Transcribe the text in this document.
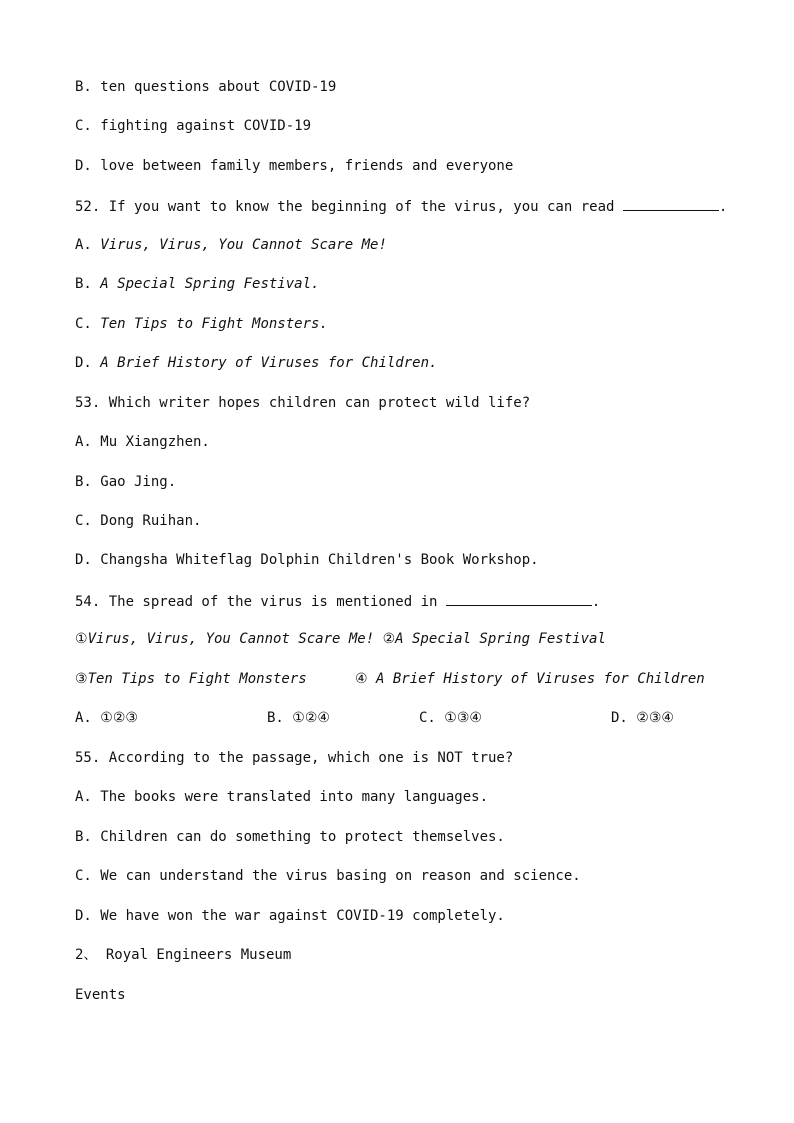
B. ten questions about COVID-19
C. fighting against COVID-19
D. love between family members, friends and everyone
52. If you want to know the beginning of the virus, you can read	.
A. Virus, Virus, You Cannot Scare Me!
B. A Special Spring Festival.
C. Ten Tips to Fight Monsters.
D. A Brief History of Viruses for Children.
53. Which writer hopes children can protect wild life?
A. Mu Xiangzhen.
B. Gao Jing.
C. Dong Ruihan.
D. Changsha Whiteflag Dolphin Children's Book Workshop.
54. The spread of the virus is mentioned in	.
①Virus, Virus, You Cannot Scare Me! ②A Special Spring Festival
③Ten Tips to Fight Monsters	④ A Brief History of Viruses for Children
A. ①②③	B. ①②④	C. ①③④	D. ②③④
55. According to the passage, which one is NOT true?
A. The books were translated into many languages.
B. Children can do something to protect themselves.
C. We can understand the virus basing on reason and science.
D. We have won the war against COVID-19 completely.
2、 Royal Engineers Museum
Events
